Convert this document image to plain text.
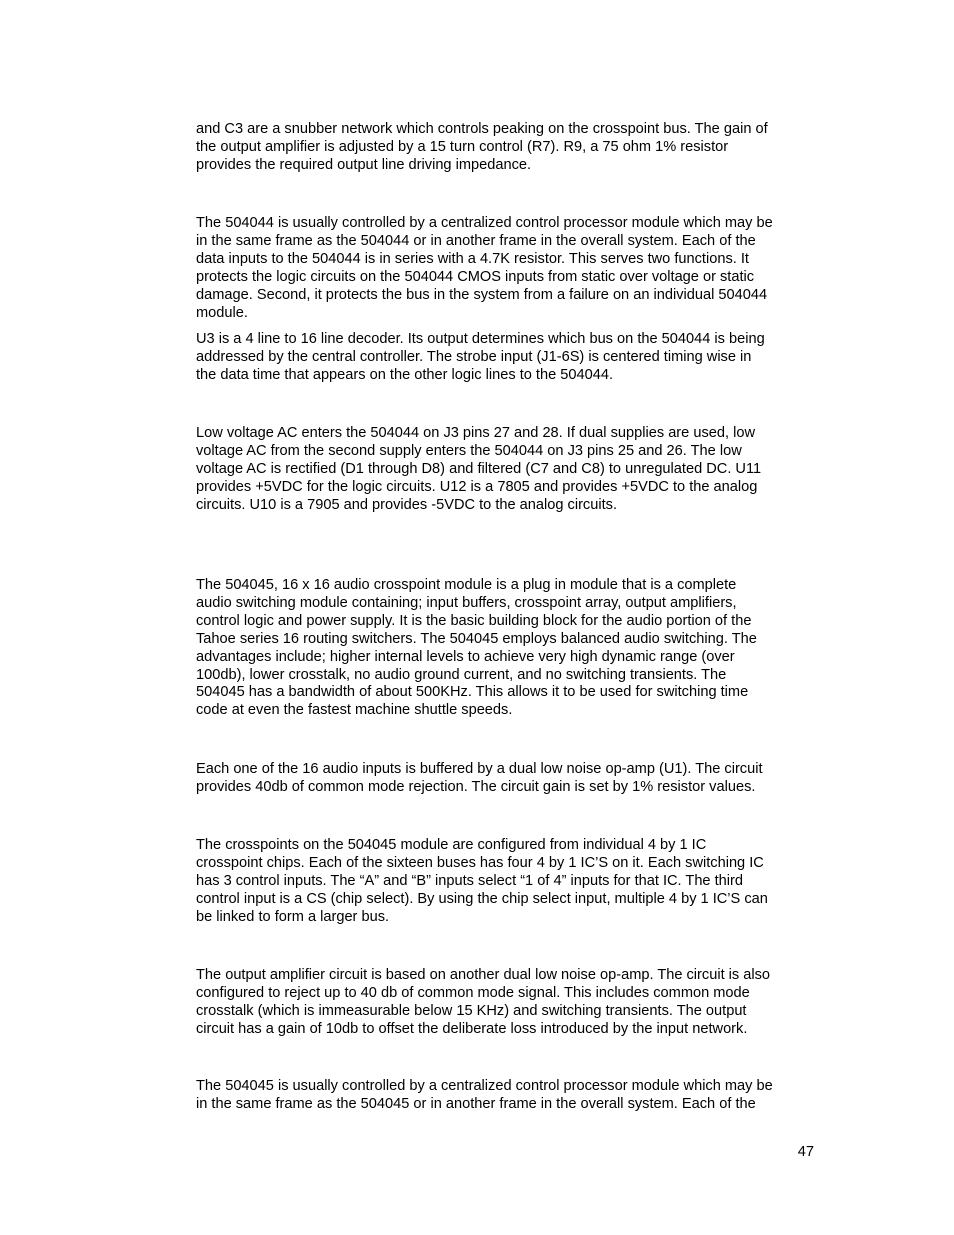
and C3 are a snubber network which controls peaking on the crosspoint bus. The gain of
the output amplifier is adjusted by a 15 turn control (R7). R9, a 75 ohm 1% resistor
provides the required output line driving impedance.

The 504044 is usually controlled by a centralized control processor module which may be
in the same frame as the 504044 or in another frame in the overall system. Each of the
data inputs to the 504044 is in series with a 4.7K resistor. This serves two functions. It
protects the logic circuits on the 504044 CMOS inputs from static over voltage or static
damage. Second, it protects the bus in the system from a failure on an individual 504044
module.

U3 is a 4 line to 16 line decoder. Its output determines which bus on the 504044 is being
addressed by the central controller. The strobe input (J1-6S) is centered timing wise in
the data time that appears on the other logic lines to the 504044.

Low voltage AC enters the 504044 on J3 pins 27 and 28. If dual supplies are used, low
voltage AC from the second supply enters the 504044 on J3 pins 25 and 26. The low
voltage AC is rectified (D1 through D8) and filtered (C7 and C8) to unregulated DC. U11
provides +5VDC for the logic circuits. U12 is a 7805 and provides +5VDC to the analog
circuits. U10 is a 7905 and provides -5VDC to the analog circuits.

The 504045, 16 x 16 audio crosspoint module is a plug in module that is a complete
audio switching module containing; input buffers, crosspoint array, output amplifiers,
control logic and power supply. It is the basic building block for the audio portion of the
Tahoe series 16 routing switchers. The 504045 employs balanced audio switching. The
advantages include; higher internal levels to achieve very high dynamic range (over
100db), lower crosstalk, no audio ground current, and no switching transients. The
504045 has a bandwidth of about 500KHz. This allows it to be used for switching time
code at even the fastest machine shuttle speeds.

Each one of the 16 audio inputs is buffered by a dual low noise op-amp (U1). The circuit
provides 40db of common mode rejection. The circuit gain is set by 1% resistor values.

The crosspoints on the 504045 module are configured from individual 4 by 1 IC
crosspoint chips. Each of the sixteen buses has four 4 by 1 IC’S on it. Each switching IC
has 3 control inputs. The “A” and “B” inputs select “1 of 4” inputs for that IC. The third
control input is a CS (chip select). By using the chip select input, multiple 4 by 1 IC’S can
be linked to form a larger bus.

The output amplifier circuit is based on another dual low noise op-amp. The circuit is also
configured to reject up to 40 db of common mode signal. This includes common mode
crosstalk (which is immeasurable below 15 KHz) and switching transients. The output
circuit has a gain of 10db to offset the deliberate loss introduced by the input network.

The 504045 is usually controlled by a centralized control processor module which may be
in the same frame as the 504045 or in another frame in the overall system. Each of the

47
